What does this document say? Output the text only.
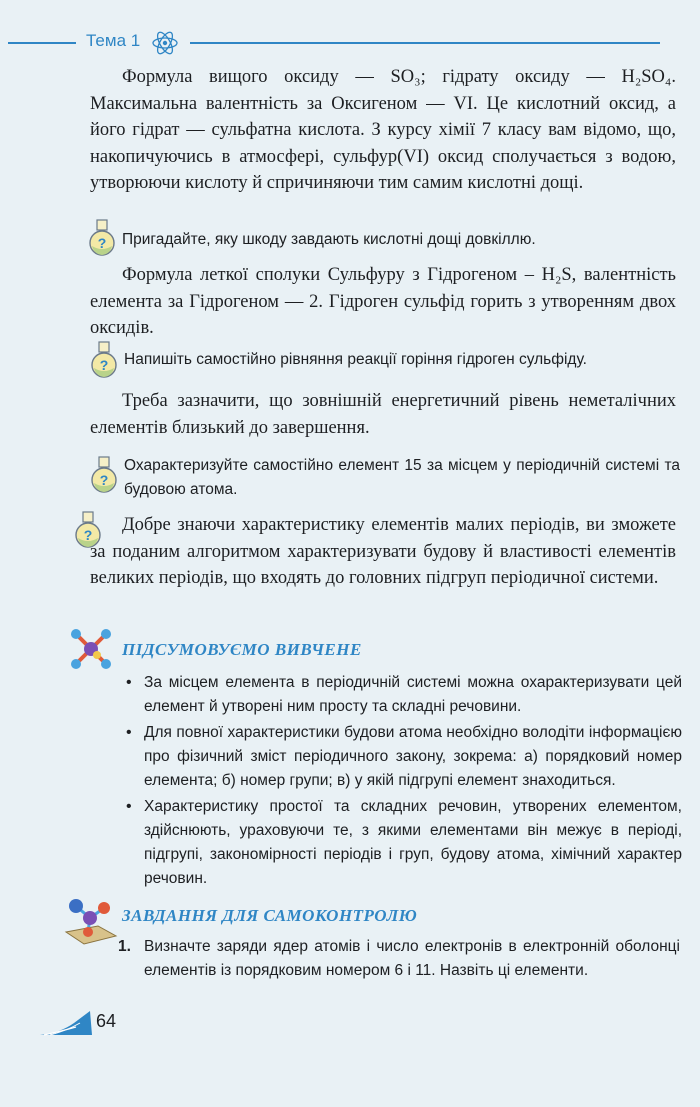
Тема 1
Формула вищого оксиду — SO₃; гідрату оксиду — H₂SO₄. Максимальна валентність за Оксигеном — VI. Це кислотний оксид, а його гідрат — сульфатна кислота. З курсу хімії 7 класу вам відомо, що, накопичуючись в атмосфері, сульфур(VI) оксид сполучається з водою, утворюючи кислоту й спричиняючи тим самим кислотні дощі.
? Пригадайте, яку шкоду завдають кислотні дощі довкіллю.
Формула леткої сполуки Сульфуру з Гідрогеном – H₂S, валентність елемента за Гідрогеном — 2. Гідроген сульфід горить з утворенням двох оксидів.
? Напишіть самостійно рівняння реакції горіння гідроген сульфіду.
Треба зазначити, що зовнішній енергетичний рівень неметалічних елементів близький до завершення.
?
Охарактеризуйте самостійно елемент 15 за місцем у періодичній системі та будовою атома.
?	Добре знаючи характеристику елементів малих періодів, ви зможете за поданим алгоритмом характеризувати будову й властивості елементів великих періодів, що входять до головних підгруп періодичної системи.
ПІДСУМОВУЄМО ВИВЧЕНЕ
• За місцем елемента в періодичній системі можна охарактеризувати цей елемент й утворені ним просту та складні речовини.
• Для повної характеристики будови атома необхідно володіти інформацією про фізичний зміст періодичного закону, зокрема: а) порядковий номер елемента; б) номер групи; в) у якій підгрупі елемент знаходиться.
• Характеристику простої та складних речовин, утворених елементом, здійснюють, ураховуючи те, з якими елементами він межує в періоді, підгрупі, закономірності періодів і груп, будову атома, хімічний характер речовин.
ЗАВДАННЯ ДЛЯ САМОКОНТРОЛЮ
1. Визначте заряди ядер атомів і число електронів в електронній оболонці елементів із порядковим номером 6 і 11. Назвіть ці елементи.
64
